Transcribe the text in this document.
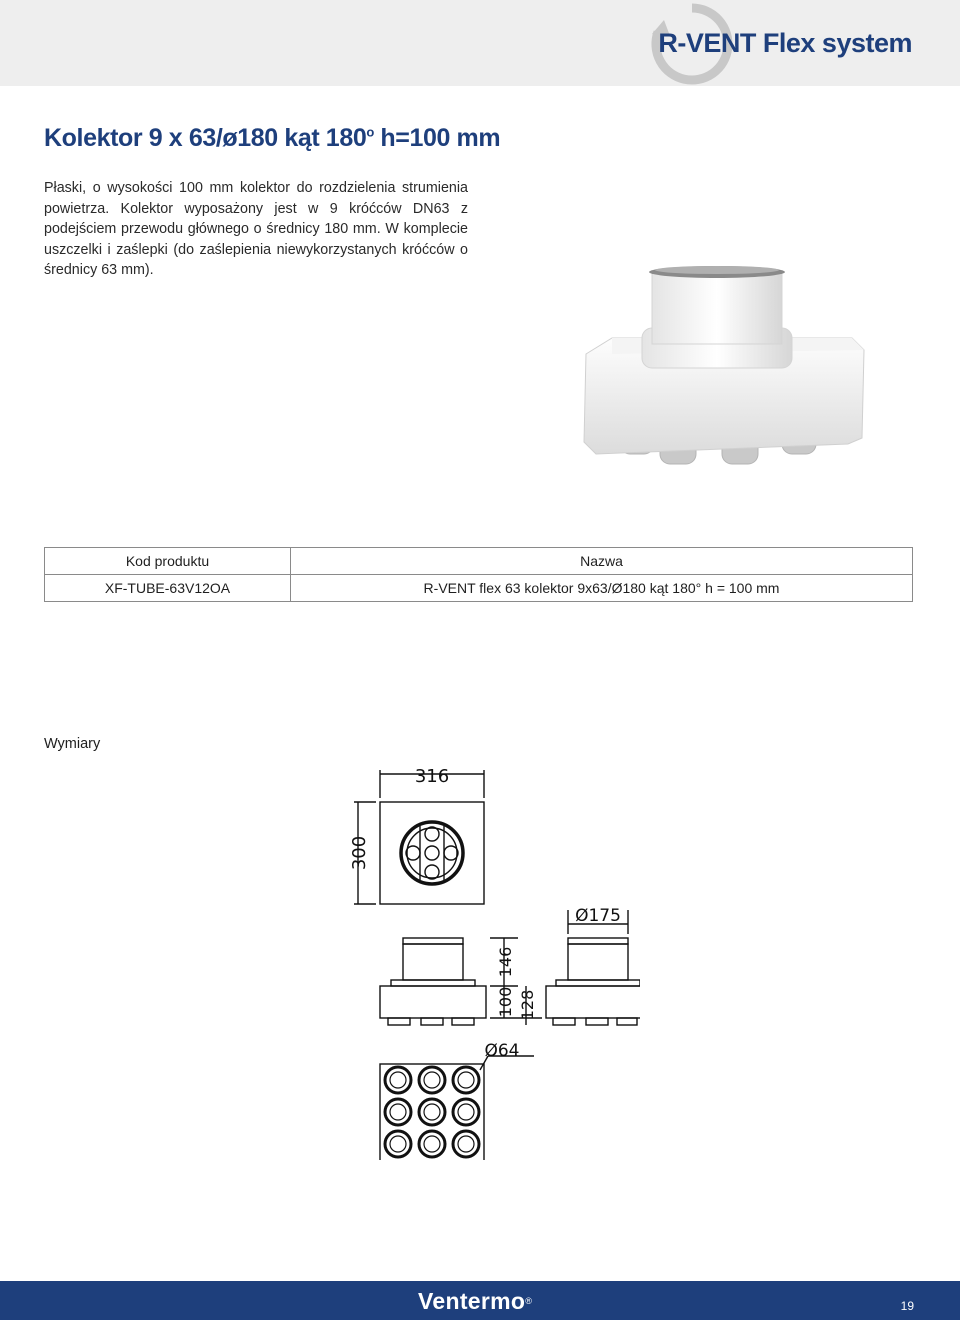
R-VENT Flex system
Kolektor 9 x 63/ø180 kąt 180$^o$ h=100 mm

Płaski, o wysokości 100 mm kolektor do rozdzielenia strumienia powietrza. Kolektor wyposażony jest w 9 króćców DN63 z podejściem przewodu głównego o średnicy 180 mm. W komplecie uszczelki i zaślepki (do zaślepienia niewykorzystanych króćców o średnicy 63 mm).

Kod produktu	Nazwa
XF-TUBE-63V12OA	R-VENT flex 63 kolektor 9x63/Ø180 kąt 180° h = 100 mm

Wymiary

316
300
Ø175
146
100 128
Ø64
Ventermo ®	19
